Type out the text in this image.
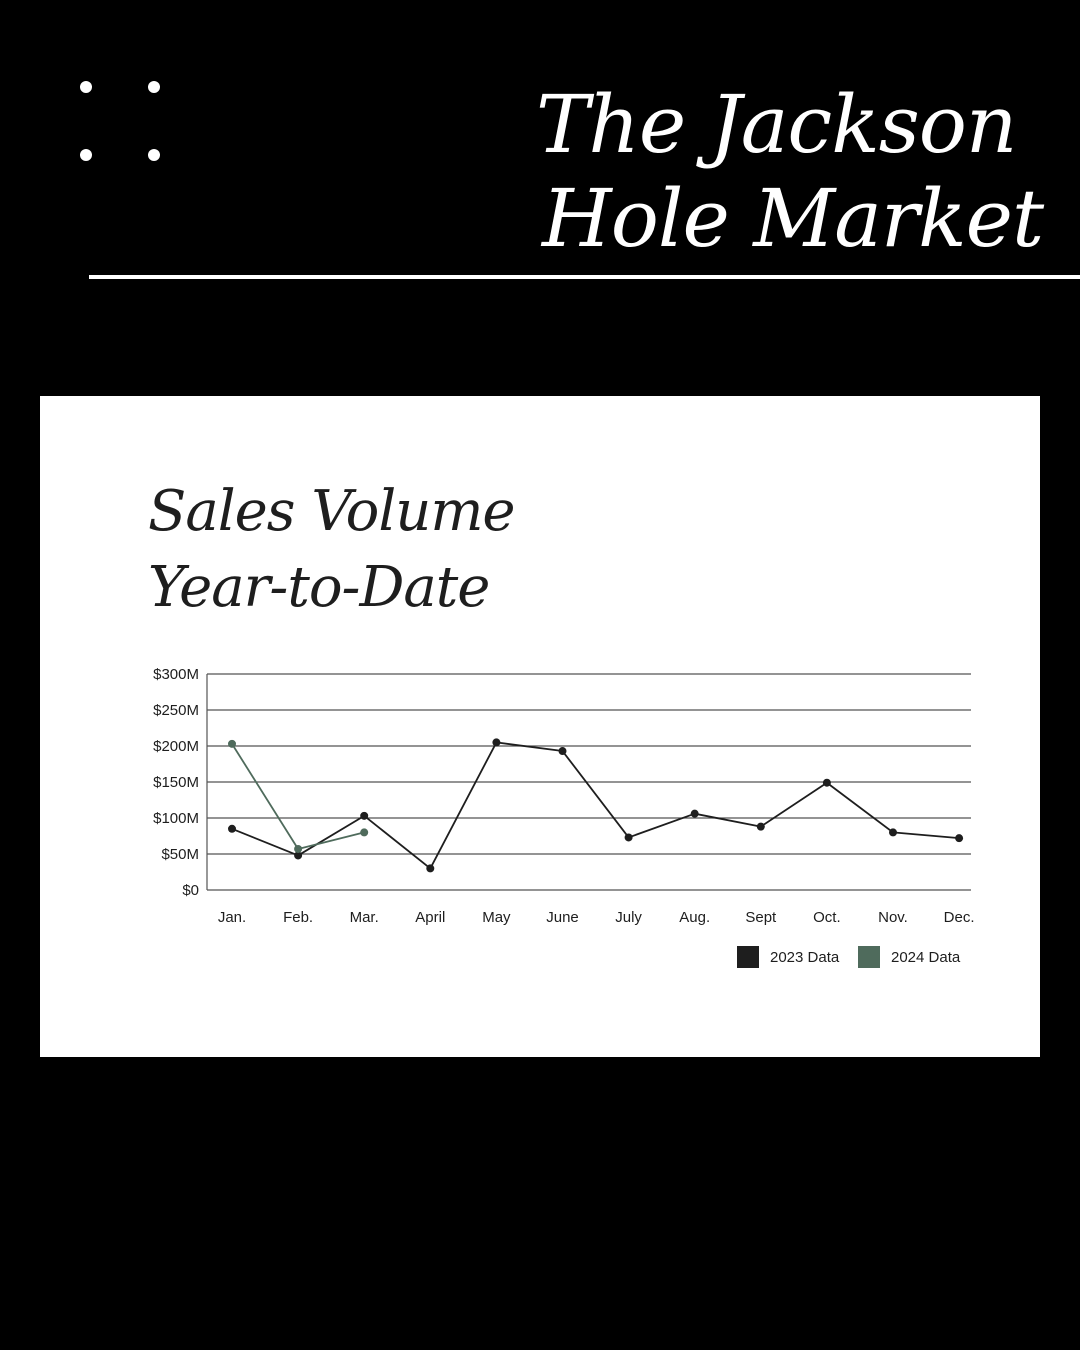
The Jackson
Hole Market
Sales Volume
Year-to-Date
$0
$50M
$100M
$150M
$200M
$250M
$300M
Jan. Feb. Mar. April May June July Aug. Sept Oct. Nov. Dec.
2023 Data	2024 Data
